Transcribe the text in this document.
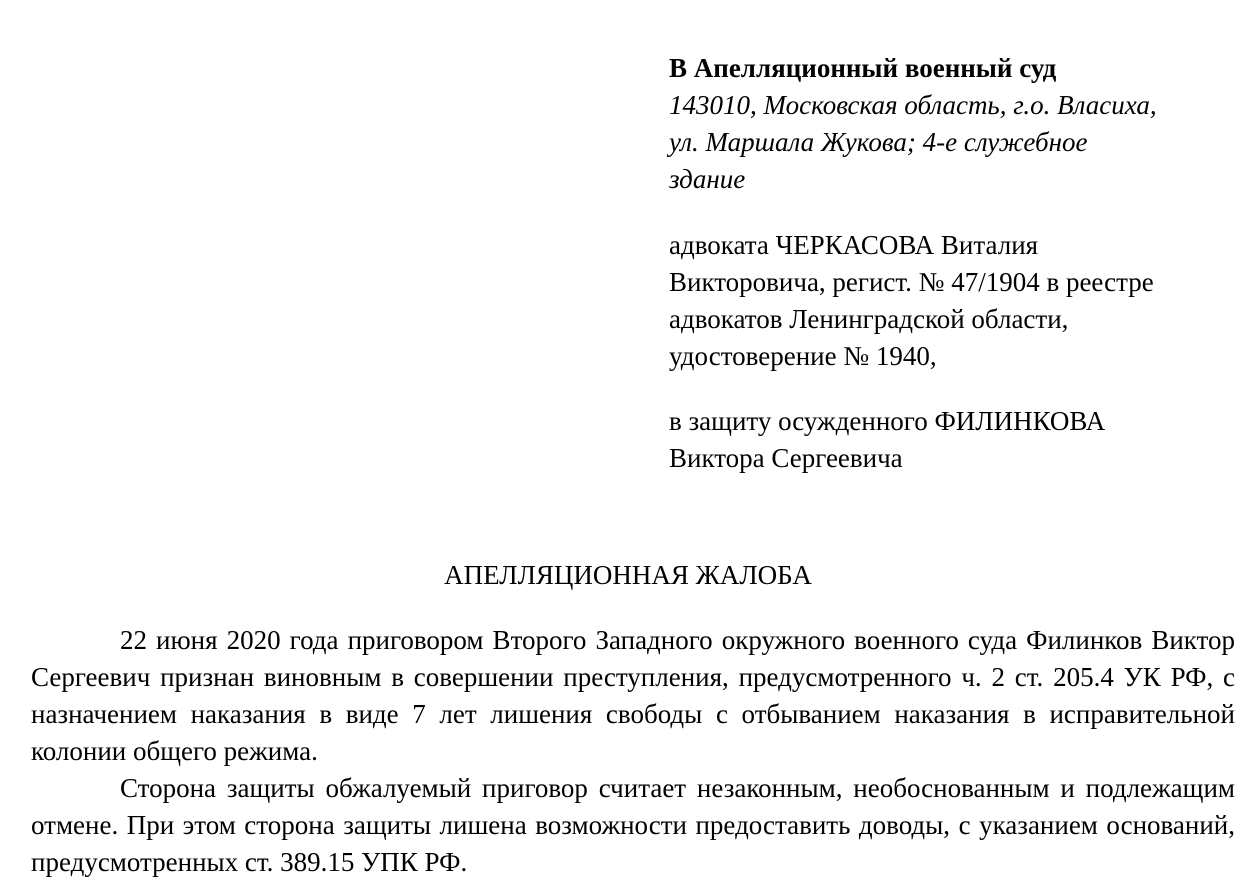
В Апелляционный военный суд

143010, Московская область, г.о. Власиха,

ул. Маршала Жукова; 4-е служебное

здание

адвоката ЧЕРКАСОВА Виталия

Викторовича, регист. № 47/1904 в реестре

адвокатов Ленинградской области,

удостоверение № 1940,

в защиту осужденного ФИЛИНКОВА

Виктора Сергеевича

АПЕЛЛЯЦИОННАЯ ЖАЛОБА

22 июня 2020 года приговором Второго Западного окружного военного суда Филинков Виктор Сергеевич признан виновным в совершении преступления, предусмотренного ч. 2 ст. 205.4 УК РФ, с назначением наказания в виде 7 лет лишения свободы с отбыванием наказания в исправительной колонии общего режима.

Сторона защиты обжалуемый приговор считает незаконным, необоснованным и подлежащим отмене. При этом сторона защиты лишена возможности предоставить доводы, с указанием оснований, предусмотренных ст. 389.15 УПК РФ.
